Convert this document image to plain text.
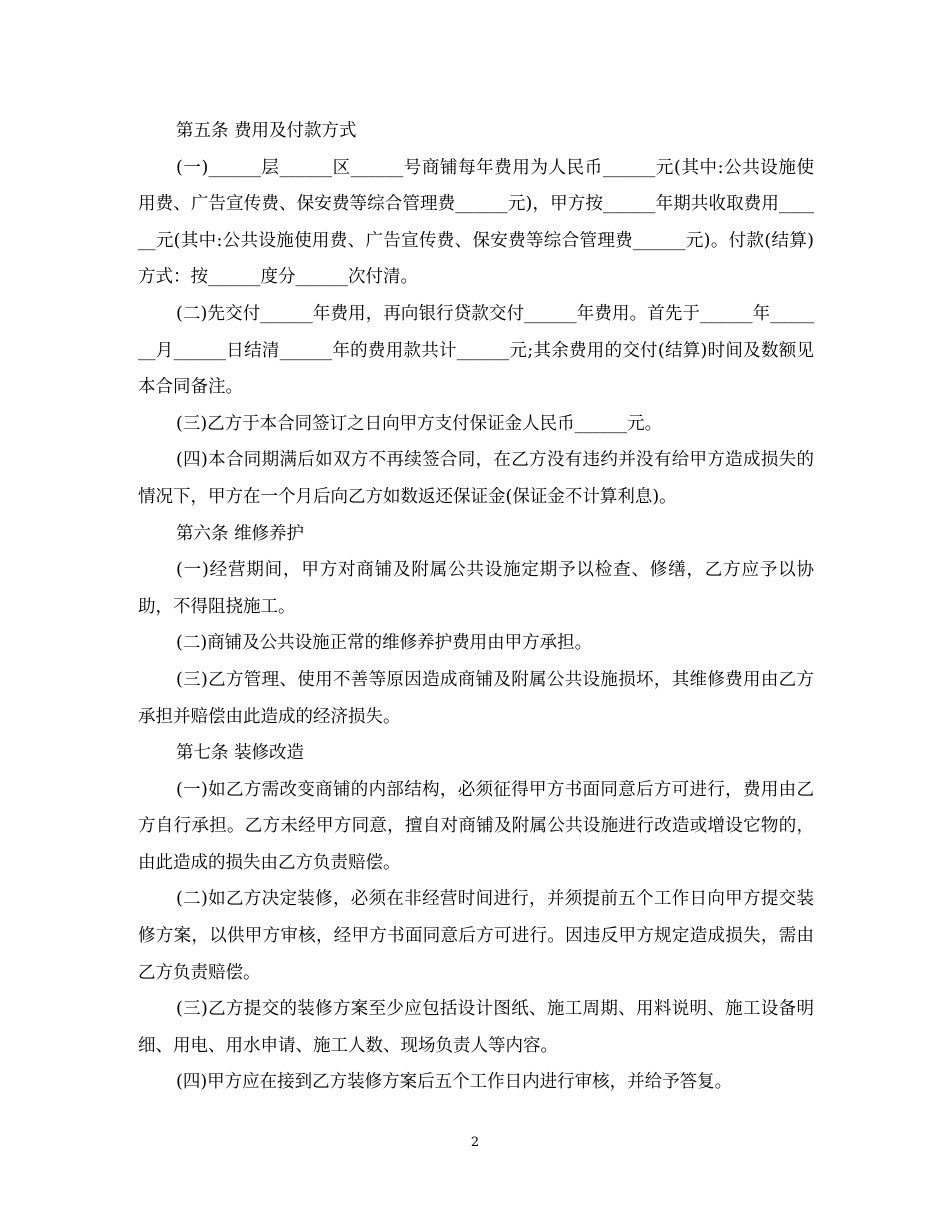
第五条 费用及付款方式

(一)______层______区______号商铺每年费用为人民币______元(其中:公共设施使用费、广告宣传费、保安费等综合管理费______元)，甲方按______年期共收取费用______元(其中:公共设施使用费、广告宣传费、保安费等综合管理费______元)。付款(结算)方式：按______度分______次付清。

(二)先交付______年费用，再向银行贷款交付______年费用。首先于______年_______月______日结清______年的费用款共计______元;其余费用的交付(结算)时间及数额见本合同备注。

(三)乙方于本合同签订之日向甲方支付保证金人民币______元。

(四)本合同期满后如双方不再续签合同，在乙方没有违约并没有给甲方造成损失的情况下，甲方在一个月后向乙方如数返还保证金(保证金不计算利息)。

第六条 维修养护

(一)经营期间，甲方对商铺及附属公共设施定期予以检查、修缮，乙方应予以协助，不得阻挠施工。

(二)商铺及公共设施正常的维修养护费用由甲方承担。

(三)乙方管理、使用不善等原因造成商铺及附属公共设施损坏，其维修费用由乙方承担并赔偿由此造成的经济损失。

第七条 装修改造

(一)如乙方需改变商铺的内部结构，必须征得甲方书面同意后方可进行，费用由乙方自行承担。乙方未经甲方同意，擅自对商铺及附属公共设施进行改造或增设它物的，由此造成的损失由乙方负责赔偿。

(二)如乙方决定装修，必须在非经营时间进行，并须提前五个工作日向甲方提交装修方案，以供甲方审核，经甲方书面同意后方可进行。因违反甲方规定造成损失，需由乙方负责赔偿。

(三)乙方提交的装修方案至少应包括设计图纸、施工周期、用料说明、施工设备明细、用电、用水申请、施工人数、现场负责人等内容。

(四)甲方应在接到乙方装修方案后五个工作日内进行审核，并给予答复。

2
